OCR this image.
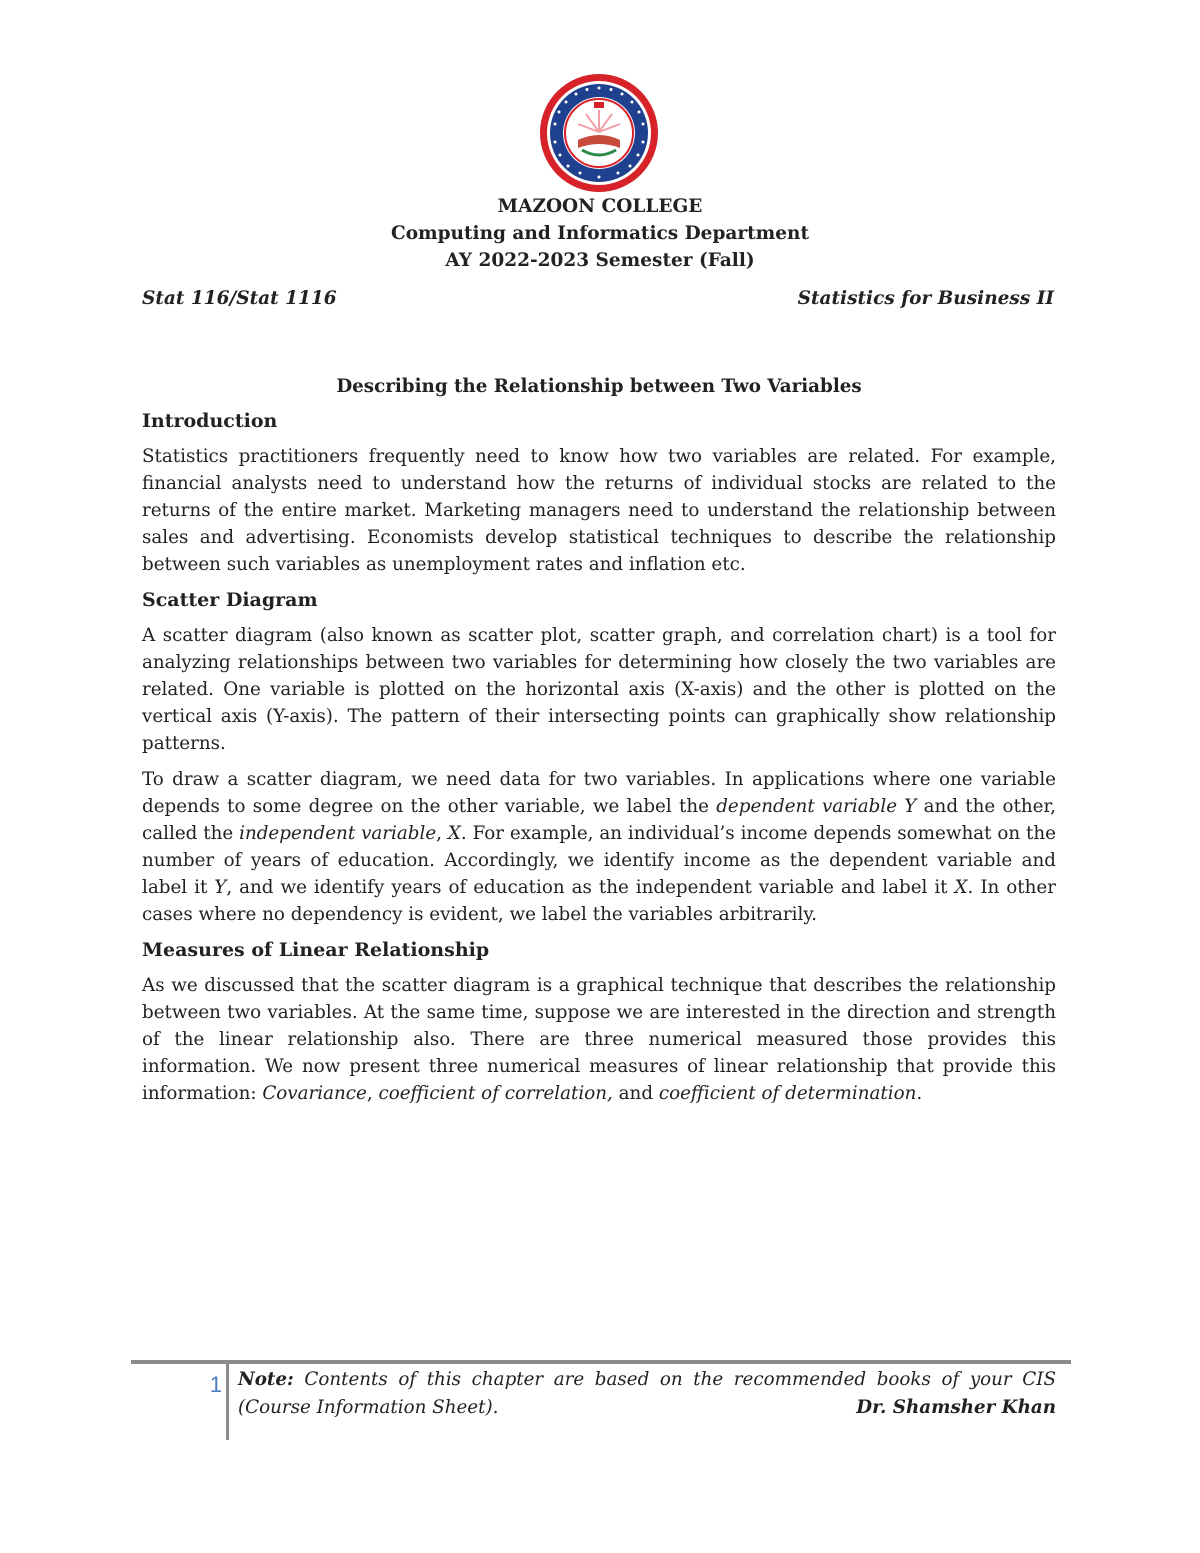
MAZOON COLLEGE
Computing and Informatics Department
AY 2022-2023 Semester (Fall)
Stat 116/Stat 1116	Statistics for Business II
Describing the Relationship between Two Variables
Introduction

Statistics practitioners frequently need to know how two variables are related. For example, financial analysts need to understand how the returns of individual stocks are related to the returns of the entire market. Marketing managers need to understand the relationship between sales and advertising. Economists develop statistical techniques to describe the relationship between such variables as unemployment rates and inflation etc.

Scatter Diagram

A scatter diagram (also known as scatter plot, scatter graph, and correlation chart) is a tool for analyzing relationships between two variables for determining how closely the two variables are related. One variable is plotted on the horizontal axis (X-axis) and the other is plotted on the vertical axis (Y-axis). The pattern of their intersecting points can graphically show relationship patterns.

To draw a scatter diagram, we need data for two variables. In applications where one variable depends to some degree on the other variable, we label the dependent variable Y and the other, called the independent variable, X. For example, an individual’s income depends somewhat on the number of years of education. Accordingly, we identify income as the dependent variable and label it Y, and we identify years of education as the independent variable and label it X. In other cases where no dependency is evident, we label the variables arbitrarily.

Measures of Linear Relationship

As we discussed that the scatter diagram is a graphical technique that describes the relationship between two variables. At the same time, suppose we are interested in the direction and strength of the linear relationship also. There are three numerical measured those provides this information. We now present three numerical measures of linear relationship that provide this information: Covariance, coefficient of correlation, and coefficient of determination.

1 Note: Contents of this chapter are based on the recommended books of your CIS (Course Information Sheet).	Dr. Shamsher Khan
